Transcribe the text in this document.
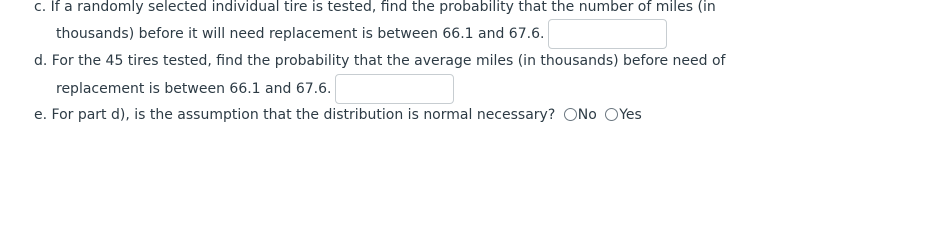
c. If a randomly selected individual tire is tested, find the probability that the number of miles (in
thousands) before it will need replacement is between 66.1 and 67.6.
d. For the 45 tires tested, find the probability that the average miles (in thousands) before need of
replacement is between 66.1 and 67.6.
e. For part d), is the assumption that the distribution is normal necessary? No Yes
